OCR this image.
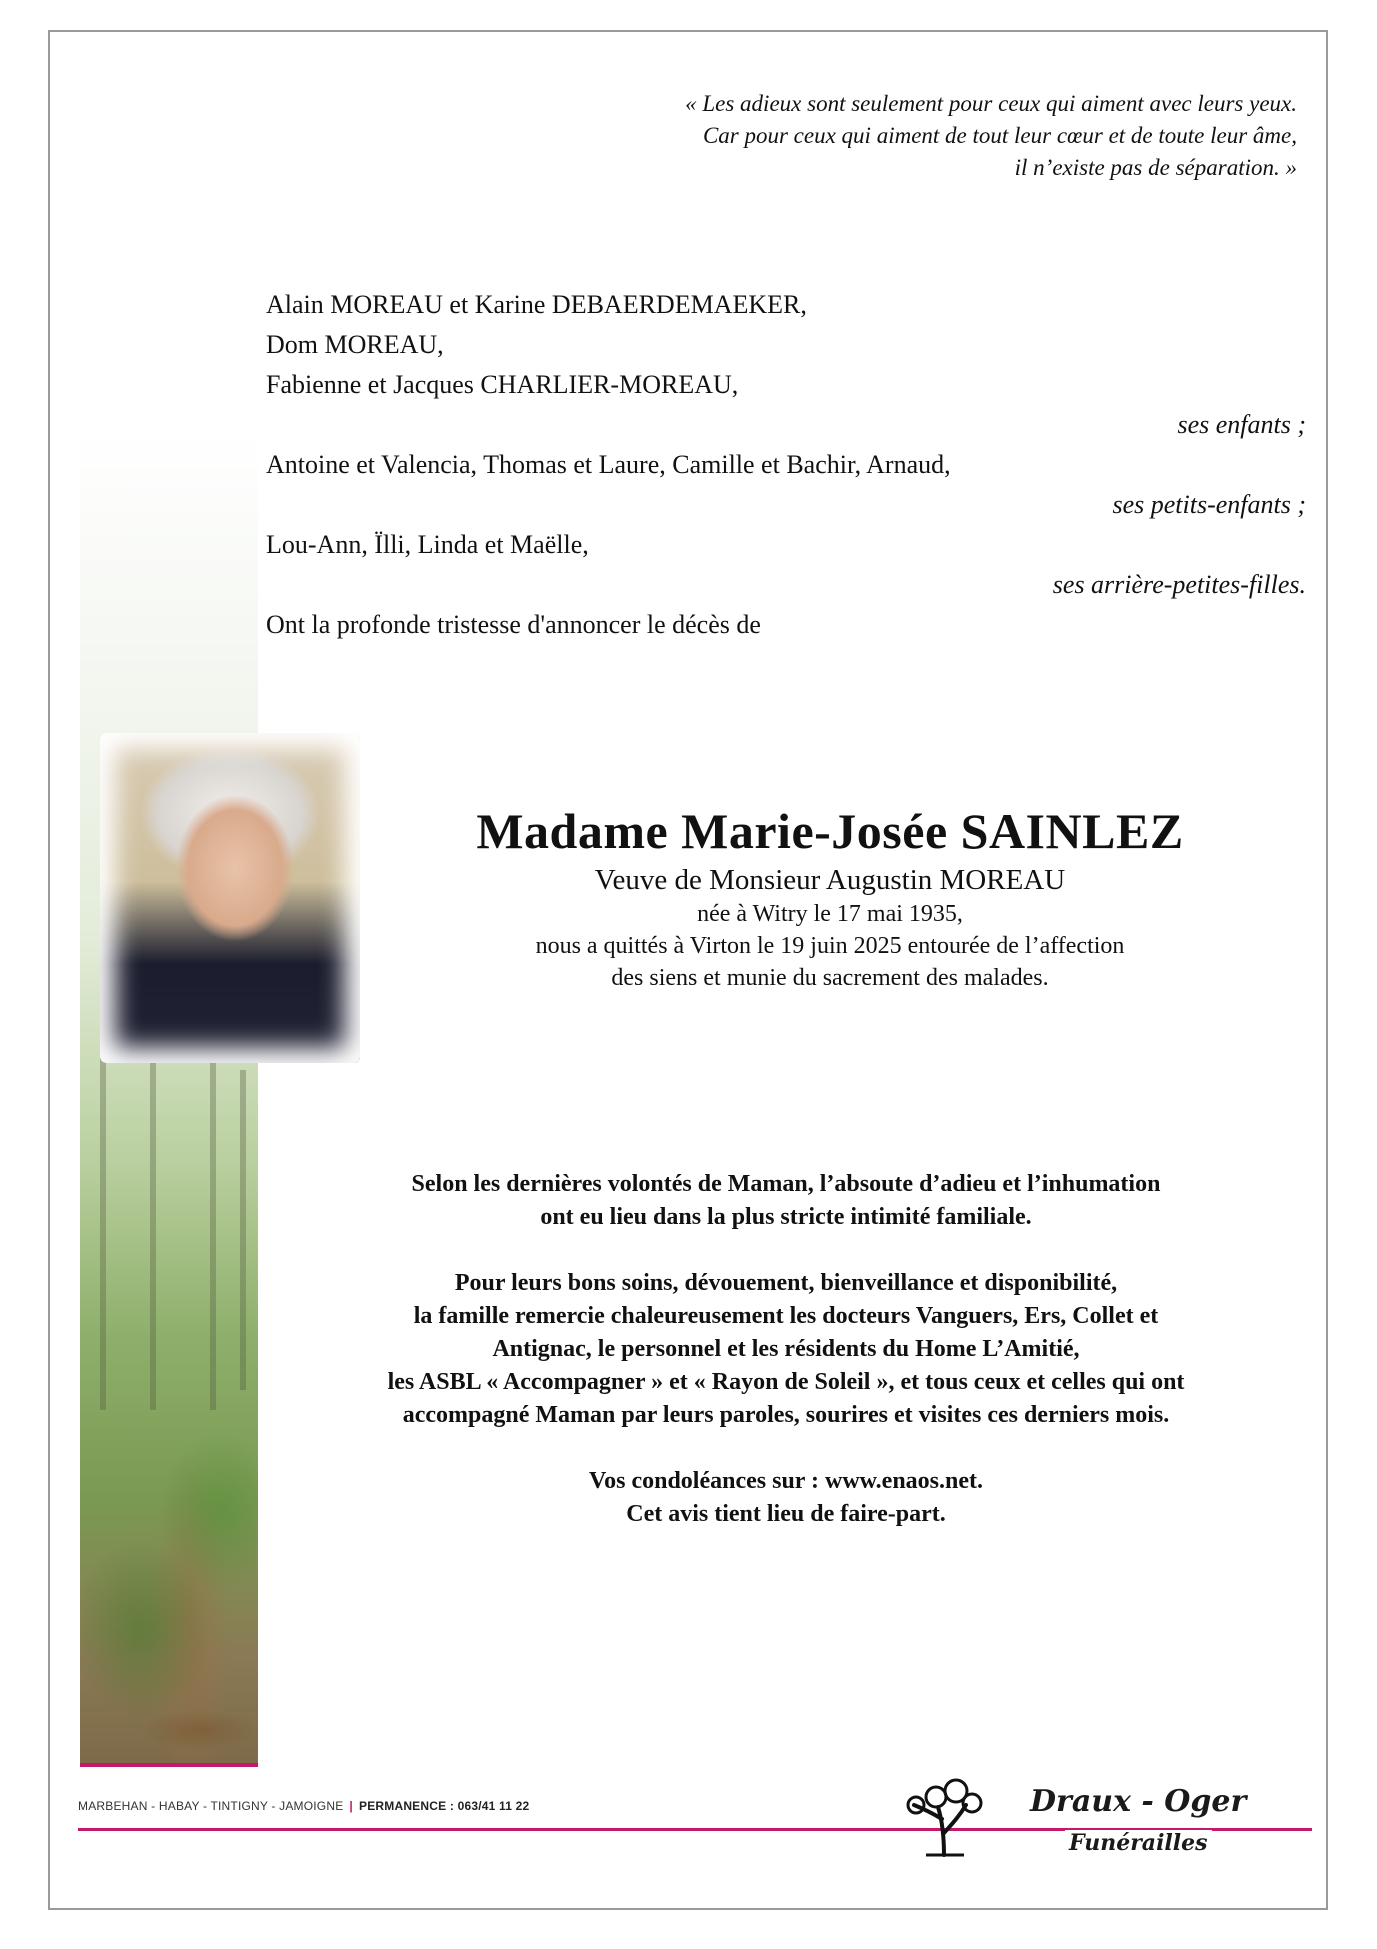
« Les adieux sont seulement pour ceux qui aiment avec leurs yeux.
Car pour ceux qui aiment de tout leur cœur et de toute leur âme,
il n’existe pas de séparation. »
Alain MOREAU et Karine DEBAERDEMAEKER,
Dom MOREAU,
Fabienne et Jacques CHARLIER-MOREAU,
ses enfants ;
Antoine et Valencia, Thomas et Laure, Camille et Bachir, Arnaud,
ses petits-enfants ;
Lou-Ann, Ïlli, Linda et Maëlle,
ses arrière-petites-filles.
Ont la profonde tristesse d'annoncer le décès de
Madame Marie-Josée SAINLEZ
Veuve de Monsieur Augustin MOREAU
née à Witry le 17 mai 1935,
nous a quittés à Virton le 19 juin 2025 entourée de l’affection
des siens et munie du sacrement des malades.
Selon les dernières volontés de Maman, l’absoute d’adieu et l’inhumation
ont eu lieu dans la plus stricte intimité familiale.
Pour leurs bons soins, dévouement, bienveillance et disponibilité,
la famille remercie chaleureusement les docteurs Vanguers, Ers, Collet et
Antignac, le personnel et les résidents du Home L’Amitié,
les ASBL « Accompagner » et « Rayon de Soleil », et tous ceux et celles qui ont
accompagné Maman par leurs paroles, sourires et visites ces derniers mois.
Vos condoléances sur : www.enaos.net.
Cet avis tient lieu de faire-part.
MARBEHAN - HABAY - TINTIGNY - JAMOIGNE | PERMANENCE : 063/41 11 22	Draux - Oger
Funérailles
